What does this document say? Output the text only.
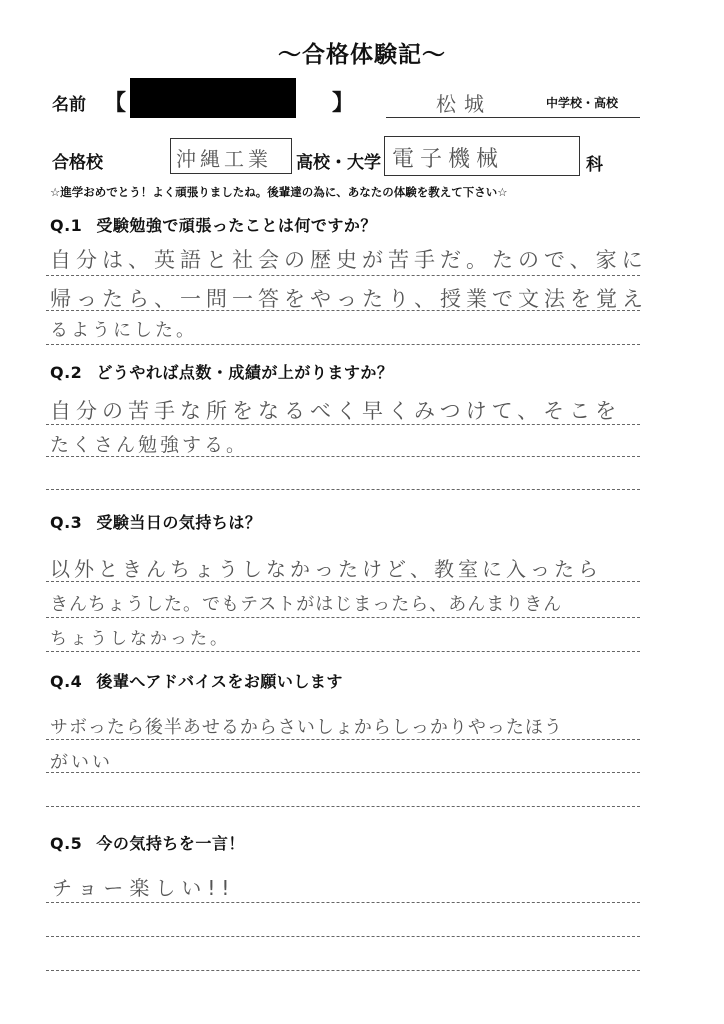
〜合格体験記〜
名前 【	】	松城	中学校・高校
合格校	沖縄工業 高校・大学 電子機械	科
☆進学おめでとう！よく頑張りましたね。後輩達の為に、あなたの体験を教えて下さい☆
Q.1 受験勉強で頑張ったことは何ですか？
自分は、英語と社会の歴史が苦手だ。たので、家に
帰ったら、一問一答をやったり、授業で文法を覚え
るようにした。
Q.2 どうやれば点数・成績が上がりますか？
自分の苦手な所をなるべく早くみつけて、そこを
たくさん勉強する。
Q.3 受験当日の気持ちは？
以外ときんちょうしなかったけど、教室に入ったら
きんちょうした。でもテストがはじまったら、あんまりきん
ちょうしなかった。
Q.4 後輩へアドバイスをお願いします
サボったら後半あせるからさいしょからしっかりやったほう
がいい
Q.5 今の気持ちを一言！
チョー楽しい!!
